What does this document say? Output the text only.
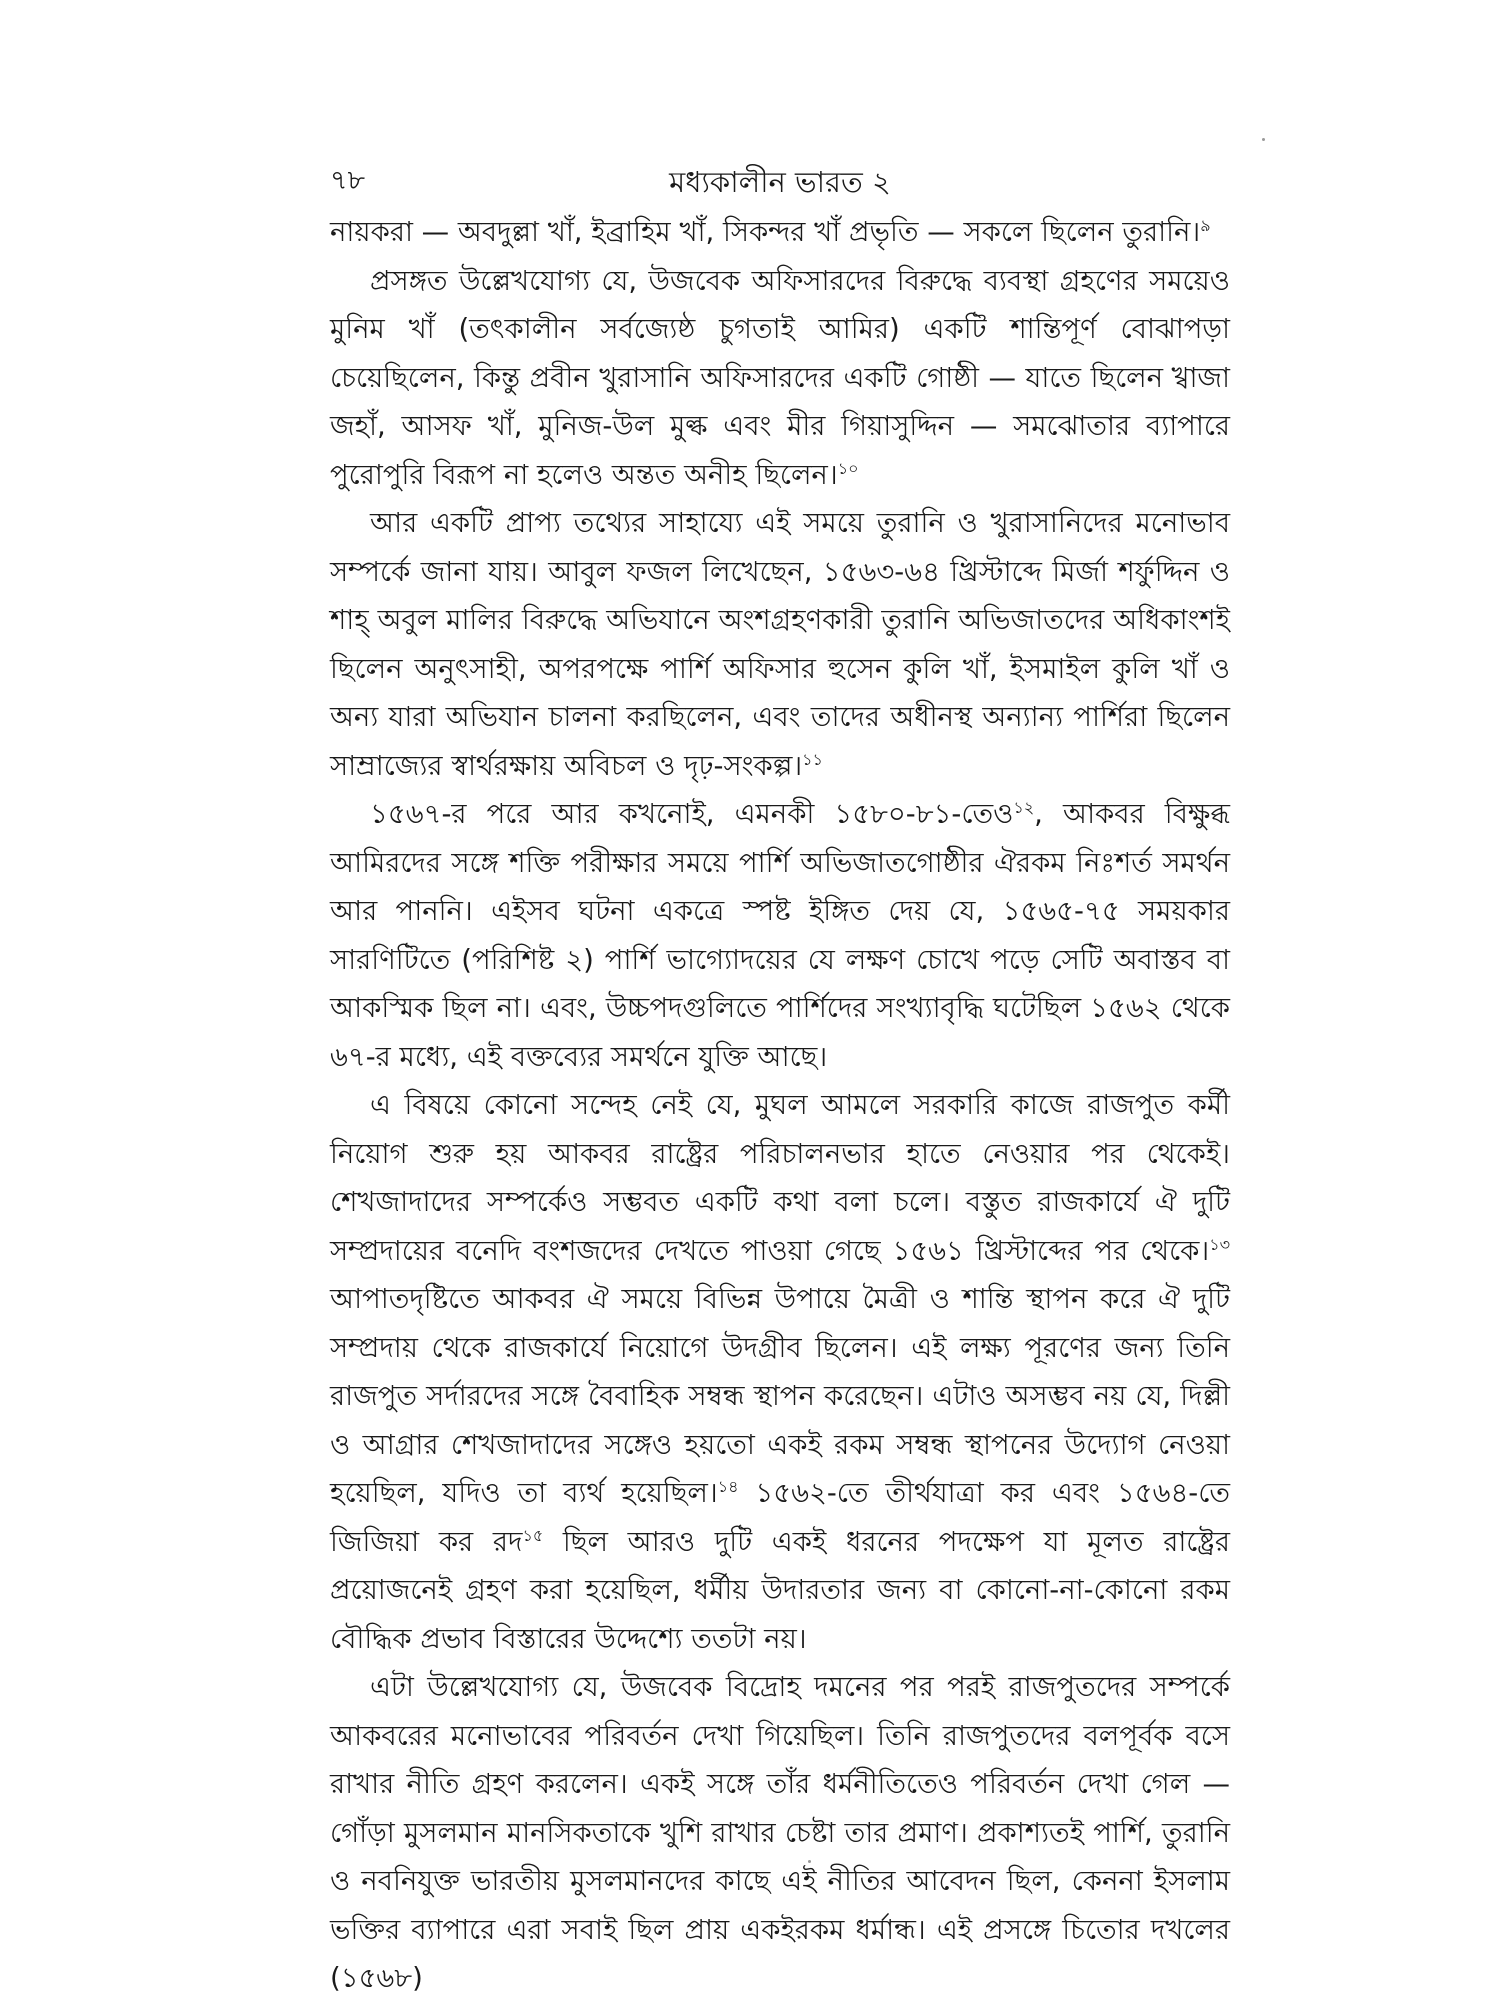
৭৮	মধ্যকালীন ভারত ২

নায়করা — অবদুল্লা খাঁ, ইব্রাহিম খাঁ, সিকন্দর খাঁ প্রভৃতি — সকলে ছিলেন তুরানি।$^৯$

প্রসঙ্গত উল্লেখযোগ্য যে, উজবেক অফিসারদের বিরুদ্ধে ব্যবস্থা গ্রহণের সময়েও মুনিম খাঁ (তৎকালীন সর্বজ্যেষ্ঠ চুগতাই আমির) একটি শান্তিপূর্ণ বোঝাপড়া চেয়েছিলেন, কিন্তু প্রবীন খুরাসানি অফিসারদের একটি গোষ্ঠী — যাতে ছিলেন খ্বাজা জহাঁ, আসফ খাঁ, মুনিজ-উল মুল্ক এবং মীর গিয়াসুদ্দিন — সমঝোতার ব্যাপারে পুরোপুরি বিরূপ না হলেও অন্তত অনীহ ছিলেন।$^{১০}$

আর একটি প্রাপ্য তথ্যের সাহায্যে এই সময়ে তুরানি ও খুরাসানিদের মনোভাব সম্পর্কে জানা যায়। আবুল ফজল লিখেছেন, ১৫৬৩-৬৪ খ্রিস্টাব্দে মির্জা শর্ফুদ্দিন ও শাহ্ অবুল মালির বিরুদ্ধে অভিযানে অংশগ্রহণকারী তুরানি অভিজাতদের অধিকাংশই ছিলেন অনুৎসাহী, অপরপক্ষে পার্শি অফিসার হুসেন কুলি খাঁ, ইসমাইল কুলি খাঁ ও অন্য যারা অভিযান চালনা করছিলেন, এবং তাদের অধীনস্থ অন্যান্য পার্শিরা ছিলেন সাম্রাজ্যের স্বার্থরক্ষায় অবিচল ও দৃঢ়-সংকল্প।$^{১১}$

১৫৬৭-র পরে আর কখনোই, এমনকী ১৫৮০-৮১-তেও$^{১২}$, আকবর বিক্ষুব্ধ আমিরদের সঙ্গে শক্তি পরীক্ষার সময়ে পার্শি অভিজাতগোষ্ঠীর ঐরকম নিঃশর্ত সমর্থন আর পাননি। এইসব ঘটনা একত্রে স্পষ্ট ইঙ্গিত দেয় যে, ১৫৬৫-৭৫ সময়কার সারণিটিতে (পরিশিষ্ট ২) পার্শি ভাগ্যোদয়ের যে লক্ষণ চোখে পড়ে সেটি অবাস্তব বা আকস্মিক ছিল না। এবং, উচ্চপদগুলিতে পার্শিদের সংখ্যাবৃদ্ধি ঘটেছিল ১৫৬২ থেকে ৬৭-র মধ্যে, এই বক্তব্যের সমর্থনে যুক্তি আছে।

এ বিষয়ে কোনো সন্দেহ নেই যে, মুঘল আমলে সরকারি কাজে রাজপুত কর্মী নিয়োগ শুরু হয় আকবর রাষ্ট্রের পরিচালনভার হাতে নেওয়ার পর থেকেই। শেখজাদাদের সম্পর্কেও সম্ভবত একটি কথা বলা চলে। বস্তুত রাজকার্যে ঐ দুটি সম্প্রদায়ের বনেদি বংশজদের দেখতে পাওয়া গেছে ১৫৬১ খ্রিস্টাব্দের পর থেকে।$^{১৩}$ আপাতদৃষ্টিতে আকবর ঐ সময়ে বিভিন্ন উপায়ে মৈত্রী ও শান্তি স্থাপন করে ঐ দুটি সম্প্রদায় থেকে রাজকার্যে নিয়োগে উদগ্রীব ছিলেন। এই লক্ষ্য পূরণের জন্য তিনি রাজপুত সর্দারদের সঙ্গে বৈবাহিক সম্বন্ধ স্থাপন করেছেন। এটাও অসম্ভব নয় যে, দিল্লী ও আগ্রার শেখজাদাদের সঙ্গেও হয়তো একই রকম সম্বন্ধ স্থাপনের উদ্যোগ নেওয়া হয়েছিল, যদিও তা ব্যর্থ হয়েছিল।$^{১৪}$ ১৫৬২-তে তীর্থযাত্রা কর এবং ১৫৬৪-তে জিজিয়া কর রদ$^{১৫}$ ছিল আরও দুটি একই ধরনের পদক্ষেপ যা মূলত রাষ্ট্রের প্রয়োজনেই গ্রহণ করা হয়েছিল, ধর্মীয় উদারতার জন্য বা কোনো-না-কোনো রকম বৌদ্ধিক প্রভাব বিস্তারের উদ্দেশ্যে ততটা নয়।

এটা উল্লেখযোগ্য যে, উজবেক বিদ্রোহ দমনের পর পরই রাজপুতদের সম্পর্কে আকবরের মনোভাবের পরিবর্তন দেখা গিয়েছিল। তিনি রাজপুতদের বলপূর্বক বসে রাখার নীতি গ্রহণ করলেন। একই সঙ্গে তাঁর ধর্মনীতিতেও পরিবর্তন দেখা গেল — গোঁড়া মুসলমান মানসিকতাকে খুশি রাখার চেষ্টা তার প্রমাণ। প্রকাশ্যতই পার্শি, তুরানি ও নবনিযুক্ত ভারতীয় মুসলমানদের কাছে এই নীতির আবেদন ছিল, কেননা ইসলাম ভক্তির ব্যাপারে এরা সবাই ছিল প্রায় একইরকম ধর্মান্ধ। এই প্রসঙ্গে চিতোর দখলের (১৫৬৮)
